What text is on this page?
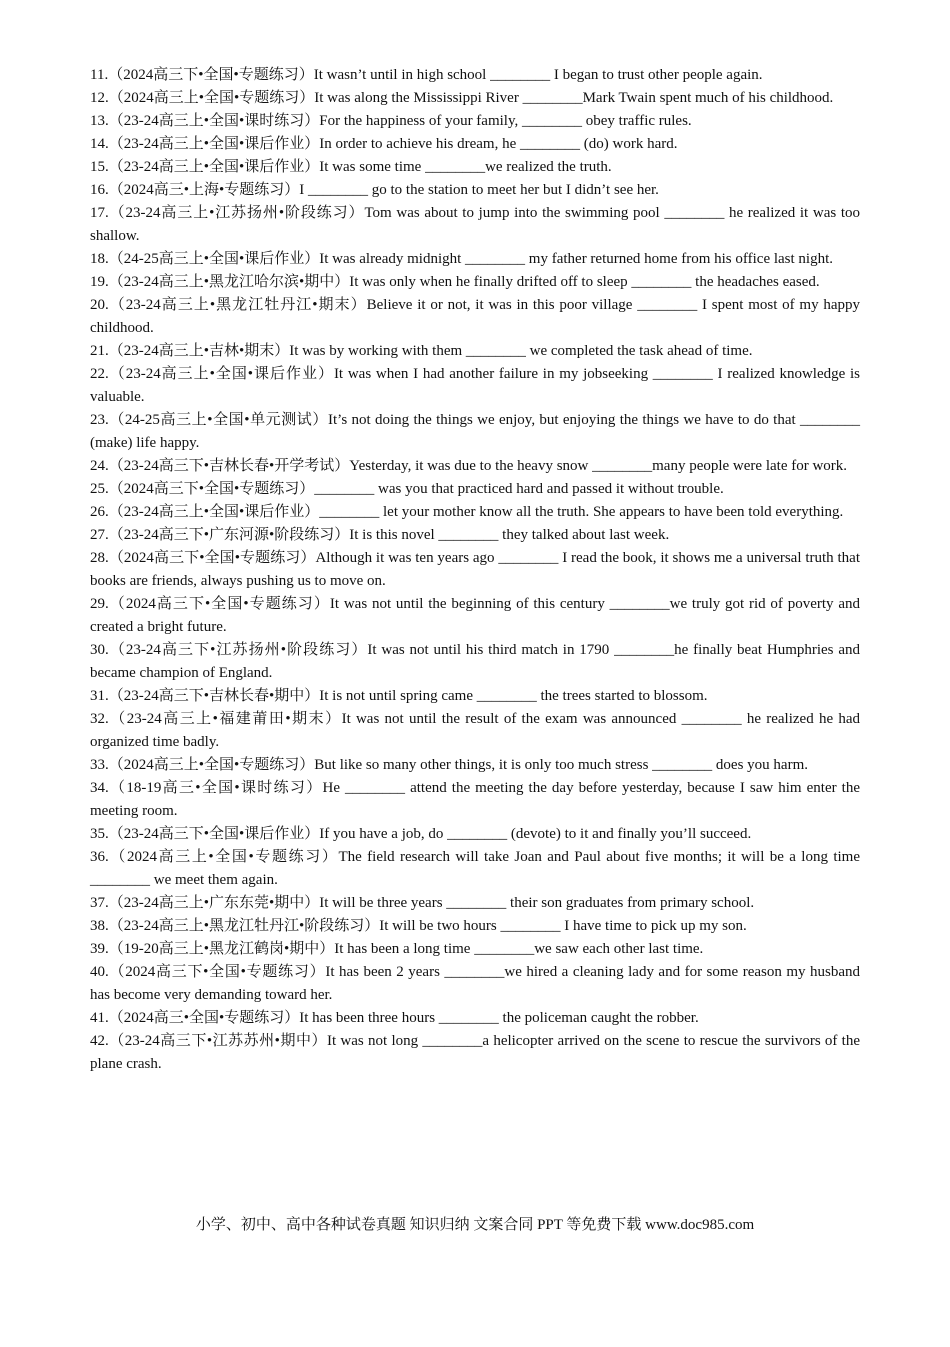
11.（2024高三下•全国•专题练习）It wasn’t until in high school ________ I began to trust other people again.

12.（2024高三上•全国•专题练习）It was along the Mississippi River ________Mark Twain spent much of his childhood.

13.（23-24高三上•全国•课时练习）For the happiness of your family, ________ obey traffic rules.

14.（23-24高三上•全国•课后作业）In order to achieve his dream, he ________ (do) work hard.

15.（23-24高三上•全国•课后作业）It was some time ________we realized the truth.

16.（2024高三•上海•专题练习）I ________ go to the station to meet her but I didn’t see her.

17.（23-24高三上•江苏扬州•阶段练习）Tom was about to jump into the swimming pool ________ he realized it was too shallow.

18.（24-25高三上•全国•课后作业）It was already midnight ________ my father returned home from his office last night.

19.（23-24高三上•黑龙江哈尔滨•期中）It was only when he finally drifted off to sleep ________ the headaches eased.

20.（23-24高三上•黑龙江牡丹江•期末）Believe it or not, it was in this poor village ________ I spent most of my happy childhood.

21.（23-24高三上•吉林•期末）It was by working with them ________ we completed the task ahead of time.

22.（23-24高三上•全国•课后作业）It was when I had another failure in my jobseeking ________ I realized knowledge is valuable.

23.（24-25高三上•全国•单元测试）It’s not doing the things we enjoy, but enjoying the things we have to do that ________ (make) life happy.

24.（23-24高三下•吉林长春•开学考试）Yesterday, it was due to the heavy snow ________many people were late for work.

25.（2024高三下•全国•专题练习）________ was you that practiced hard and passed it without trouble.

26.（23-24高三上•全国•课后作业）________ let your mother know all the truth. She appears to have been told everything.

27.（23-24高三下•广东河源•阶段练习）It is this novel ________ they talked about last week.

28.（2024高三下•全国•专题练习）Although it was ten years ago ________ I read the book, it shows me a universal truth that books are friends, always pushing us to move on.

29.（2024高三下•全国•专题练习）It was not until the beginning of this century ________we truly got rid of poverty and created a bright future.

30.（23-24高三下•江苏扬州•阶段练习）It was not until his third match in 1790 ________he finally beat Humphries and became champion of England.

31.（23-24高三下•吉林长春•期中）It is not until spring came ________ the trees started to blossom.

32.（23-24高三上•福建莆田•期末）It was not until the result of the exam was announced ________ he realized he had organized time badly.

33.（2024高三上•全国•专题练习）But like so many other things, it is only too much stress ________ does you harm.

34.（18-19高三•全国•课时练习）He ________ attend the meeting the day before yesterday, because I saw him enter the meeting room.

35.（23-24高三下•全国•课后作业）If you have a job, do ________ (devote) to it and finally you’ll succeed.

36.（2024高三上•全国•专题练习）The field research will take Joan and Paul about five months; it will be a long time ________ we meet them again.

37.（23-24高三上•广东东莞•期中）It will be three years ________ their son graduates from primary school.

38.（23-24高三上•黑龙江牡丹江•阶段练习）It will be two hours ________ I have time to pick up my son.

39.（19-20高三上•黑龙江鹤岗•期中）It has been a long time ________we saw each other last time.

40.（2024高三下•全国•专题练习）It has been 2 years ________we hired a cleaning lady and for some reason my husband has become very demanding toward her.

41.（2024高三•全国•专题练习）It has been three hours ________ the policeman caught the robber.

42.（23-24高三下•江苏苏州•期中）It was not long ________a helicopter arrived on the scene to rescue the survivors of the plane crash.

小学、初中、高中各种试卷真题 知识归纳 文案合同 PPT 等免费下载 www.doc985.com
